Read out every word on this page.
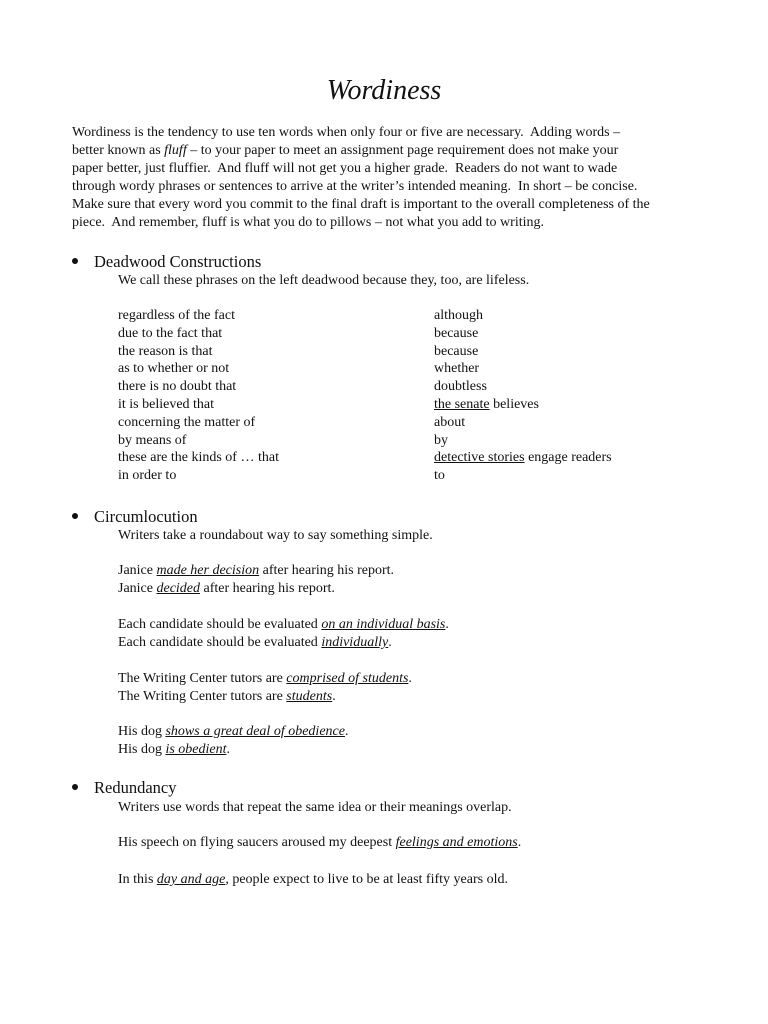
Wordiness
Wordiness is the tendency to use ten words when only four or five are necessary.  Adding words –
better known as fluff – to your paper to meet an assignment page requirement does not make your
paper better, just fluffier.  And fluff will not get you a higher grade.  Readers do not want to wade
through wordy phrases or sentences to arrive at the writer’s intended meaning.  In short – be concise.
Make sure that every word you commit to the final draft is important to the overall completeness of the
piece.  And remember, fluff is what you do to pillows – not what you add to writing.
Deadwood Constructions
We call these phrases on the left deadwood because they, too, are lifeless.
regardless of the fact	although
due to the fact that	because
the reason is that	because
as to whether or not	whether
there is no doubt that	doubtless
it is believed that	the senate believes
concerning the matter of	about
by means of	by
these are the kinds of … that	detective stories engage readers
in order to	to
Circumlocution
Writers take a roundabout way to say something simple.
Janice made her decision after hearing his report.
Janice decided after hearing his report.
Each candidate should be evaluated on an individual basis.
Each candidate should be evaluated individually.
The Writing Center tutors are comprised of students.
The Writing Center tutors are students.
His dog shows a great deal of obedience.
His dog is obedient.
Redundancy
Writers use words that repeat the same idea or their meanings overlap.
His speech on flying saucers aroused my deepest feelings and emotions.
In this day and age, people expect to live to be at least fifty years old.
